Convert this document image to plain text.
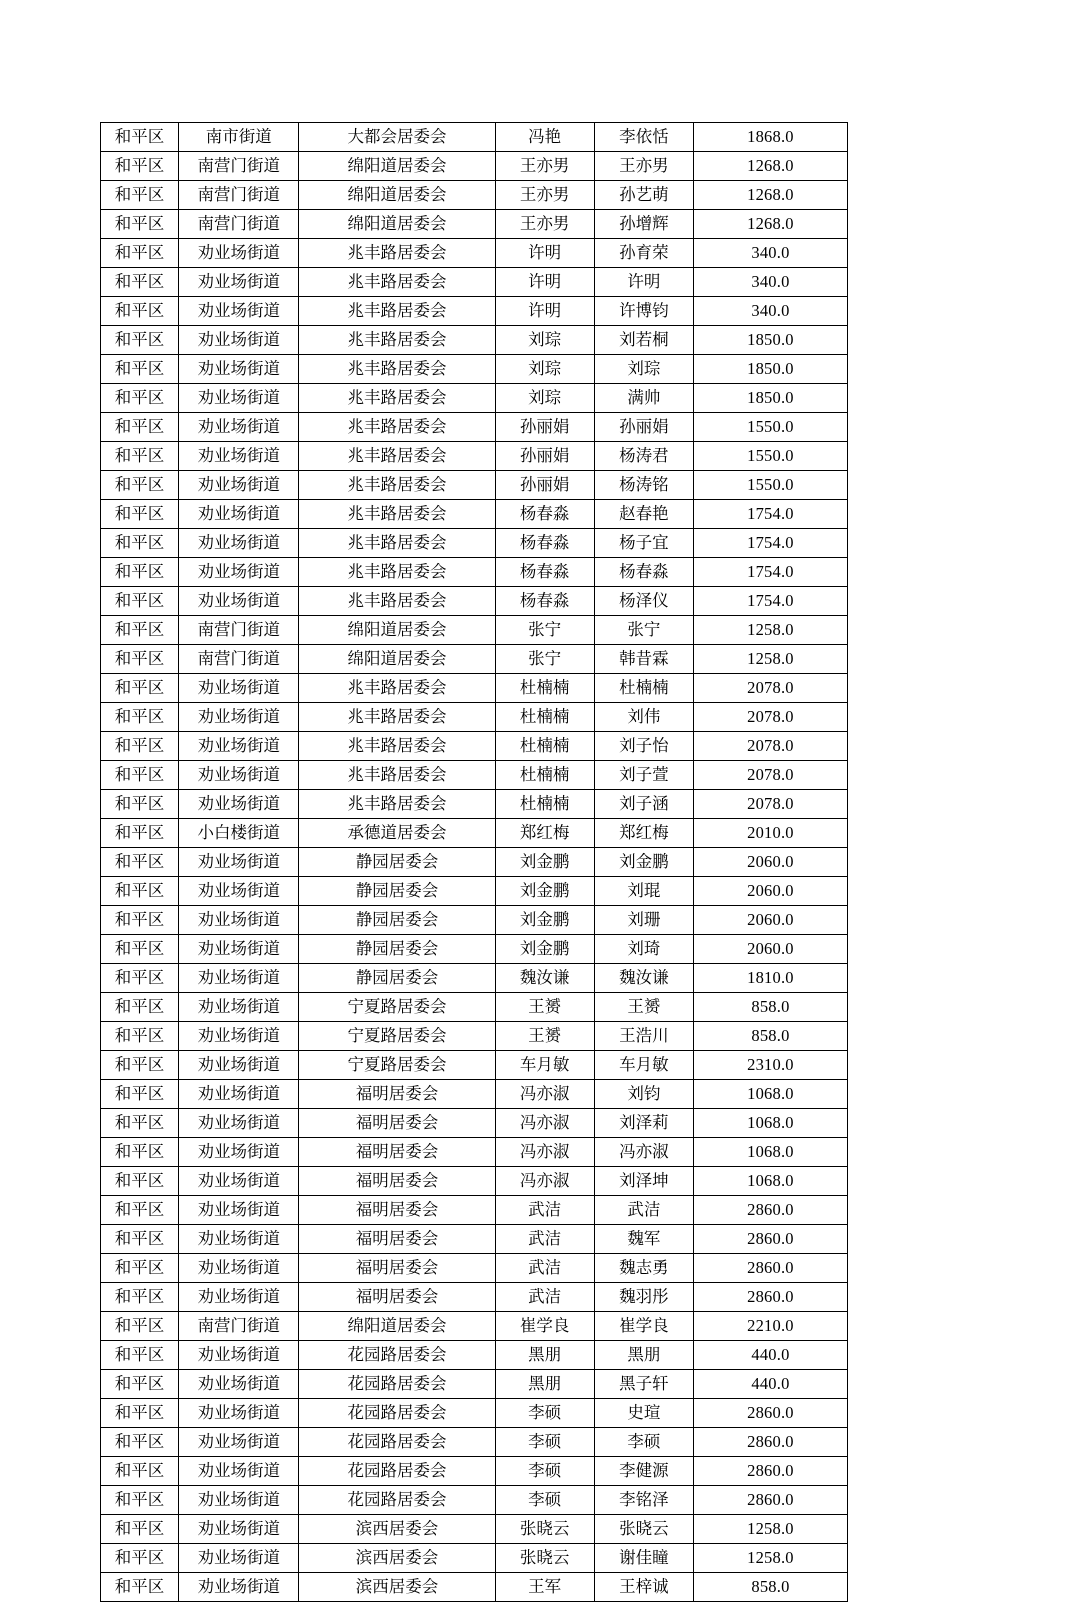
和平区	南市街道	大都会居委会	冯艳	李依恬	1868.0
和平区	南营门街道	绵阳道居委会	王亦男	王亦男	1268.0
和平区	南营门街道	绵阳道居委会	王亦男	孙艺萌	1268.0
和平区	南营门街道	绵阳道居委会	王亦男	孙增辉	1268.0
和平区	劝业场街道	兆丰路居委会	许明	孙育荣	340.0
和平区	劝业场街道	兆丰路居委会	许明	许明	340.0
和平区	劝业场街道	兆丰路居委会	许明	许博钧	340.0
和平区	劝业场街道	兆丰路居委会	刘琮	刘若桐	1850.0
和平区	劝业场街道	兆丰路居委会	刘琮	刘琮	1850.0
和平区	劝业场街道	兆丰路居委会	刘琮	满帅	1850.0
和平区	劝业场街道	兆丰路居委会	孙丽娟	孙丽娟	1550.0
和平区	劝业场街道	兆丰路居委会	孙丽娟	杨涛君	1550.0
和平区	劝业场街道	兆丰路居委会	孙丽娟	杨涛铭	1550.0
和平区	劝业场街道	兆丰路居委会	杨春淼	赵春艳	1754.0
和平区	劝业场街道	兆丰路居委会	杨春淼	杨子宜	1754.0
和平区	劝业场街道	兆丰路居委会	杨春淼	杨春淼	1754.0
和平区	劝业场街道	兆丰路居委会	杨春淼	杨泽仪	1754.0
和平区	南营门街道	绵阳道居委会	张宁	张宁	1258.0
和平区	南营门街道	绵阳道居委会	张宁	韩昔霖	1258.0
和平区	劝业场街道	兆丰路居委会	杜楠楠	杜楠楠	2078.0
和平区	劝业场街道	兆丰路居委会	杜楠楠	刘伟	2078.0
和平区	劝业场街道	兆丰路居委会	杜楠楠	刘子怡	2078.0
和平区	劝业场街道	兆丰路居委会	杜楠楠	刘子萱	2078.0
和平区	劝业场街道	兆丰路居委会	杜楠楠	刘子涵	2078.0
和平区	小白楼街道	承德道居委会	郑红梅	郑红梅	2010.0
和平区	劝业场街道	静园居委会	刘金鹏	刘金鹏	2060.0
和平区	劝业场街道	静园居委会	刘金鹏	刘琨	2060.0
和平区	劝业场街道	静园居委会	刘金鹏	刘珊	2060.0
和平区	劝业场街道	静园居委会	刘金鹏	刘琦	2060.0
和平区	劝业场街道	静园居委会	魏汝谦	魏汝谦	1810.0
和平区	劝业场街道	宁夏路居委会	王赟	王赟	858.0
和平区	劝业场街道	宁夏路居委会	王赟	王浩川	858.0
和平区	劝业场街道	宁夏路居委会	车月敏	车月敏	2310.0
和平区	劝业场街道	福明居委会	冯亦淑	刘钧	1068.0
和平区	劝业场街道	福明居委会	冯亦淑	刘泽莉	1068.0
和平区	劝业场街道	福明居委会	冯亦淑	冯亦淑	1068.0
和平区	劝业场街道	福明居委会	冯亦淑	刘泽坤	1068.0
和平区	劝业场街道	福明居委会	武洁	武洁	2860.0
和平区	劝业场街道	福明居委会	武洁	魏军	2860.0
和平区	劝业场街道	福明居委会	武洁	魏志勇	2860.0
和平区	劝业场街道	福明居委会	武洁	魏羽彤	2860.0
和平区	南营门街道	绵阳道居委会	崔学良	崔学良	2210.0
和平区	劝业场街道	花园路居委会	黑朋	黑朋	440.0
和平区	劝业场街道	花园路居委会	黑朋	黑子轩	440.0
和平区	劝业场街道	花园路居委会	李硕	史瑄	2860.0
和平区	劝业场街道	花园路居委会	李硕	李硕	2860.0
和平区	劝业场街道	花园路居委会	李硕	李健源	2860.0
和平区	劝业场街道	花园路居委会	李硕	李铭泽	2860.0
和平区	劝业场街道	滨西居委会	张晓云	张晓云	1258.0
和平区	劝业场街道	滨西居委会	张晓云	谢佳瞳	1258.0
和平区	劝业场街道	滨西居委会	王军	王梓诚	858.0
